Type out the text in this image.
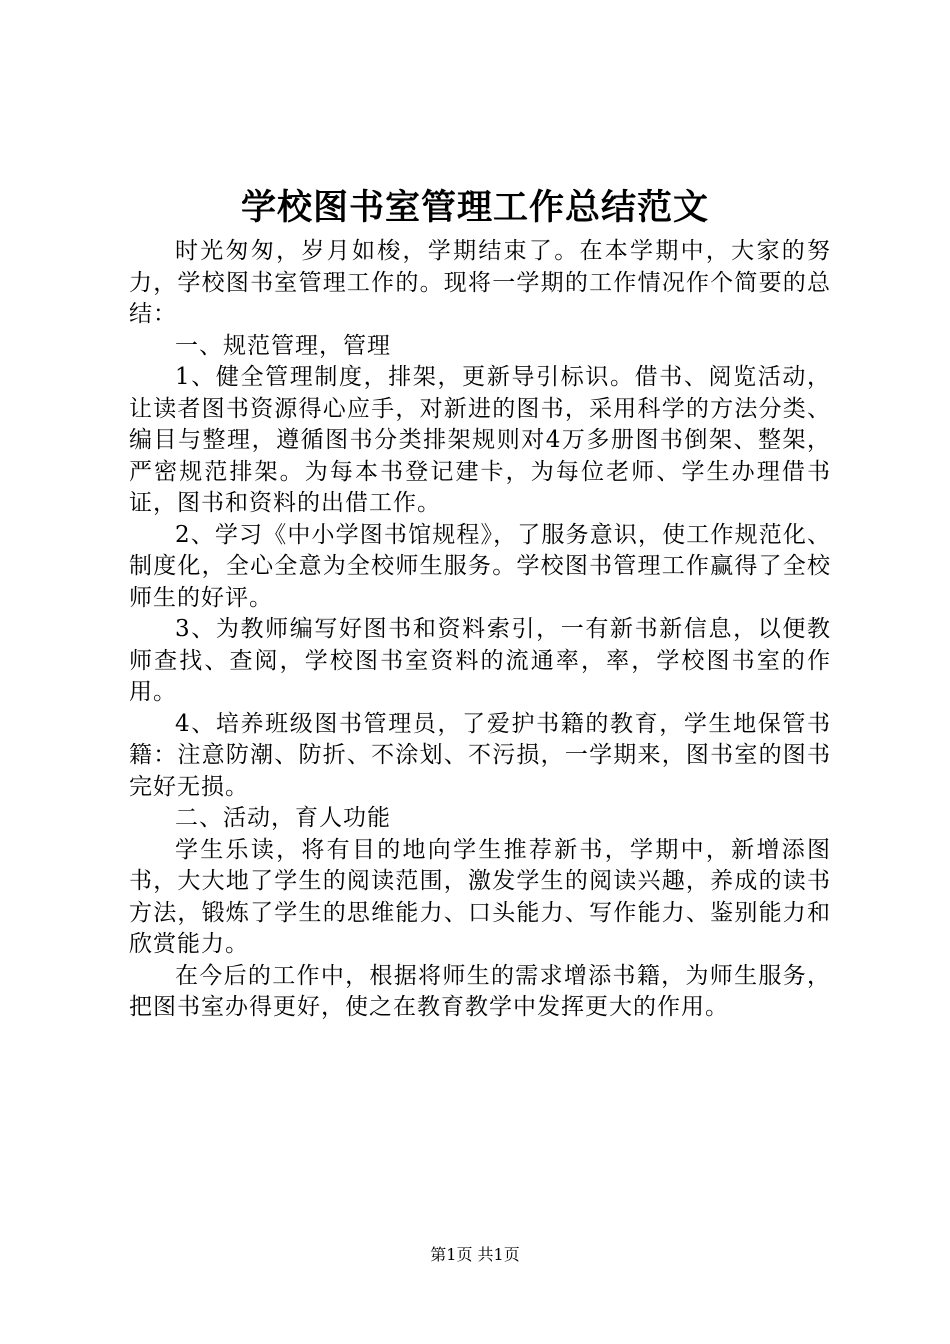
学校图书室管理工作总结范文

时光匆匆，岁月如梭，学期结束了。在本学期中，大家的努力，学校图书室管理工作的。现将一学期的工作情况作个简要的总结：

一、规范管理，管理

1、健全管理制度，排架，更新导引标识。借书、阅览活动，让读者图书资源得心应手，对新进的图书，采用科学的方法分类、编目与整理，遵循图书分类排架规则对4万多册图书倒架、整架，严密规范排架。为每本书登记建卡，为每位老师、学生办理借书证，图书和资料的出借工作。

2、学习《中小学图书馆规程》，了服务意识，使工作规范化、制度化，全心全意为全校师生服务。学校图书管理工作赢得了全校师生的好评。

3、为教师编写好图书和资料索引，一有新书新信息，以便教师查找、查阅，学校图书室资料的流通率，率，学校图书室的作用。

4、培养班级图书管理员，了爱护书籍的教育，学生地保管书籍：注意防潮、防折、不涂划、不污损，一学期来，图书室的图书完好无损。

二、活动，育人功能

学生乐读，将有目的地向学生推荐新书，学期中，新增添图书，大大地了学生的阅读范围，激发学生的阅读兴趣，养成的读书方法，锻炼了学生的思维能力、口头能力、写作能力、鉴别能力和欣赏能力。

在今后的工作中，根据将师生的需求增添书籍，为师生服务，把图书室办得更好，使之在教育教学中发挥更大的作用。

第1页 共1页
